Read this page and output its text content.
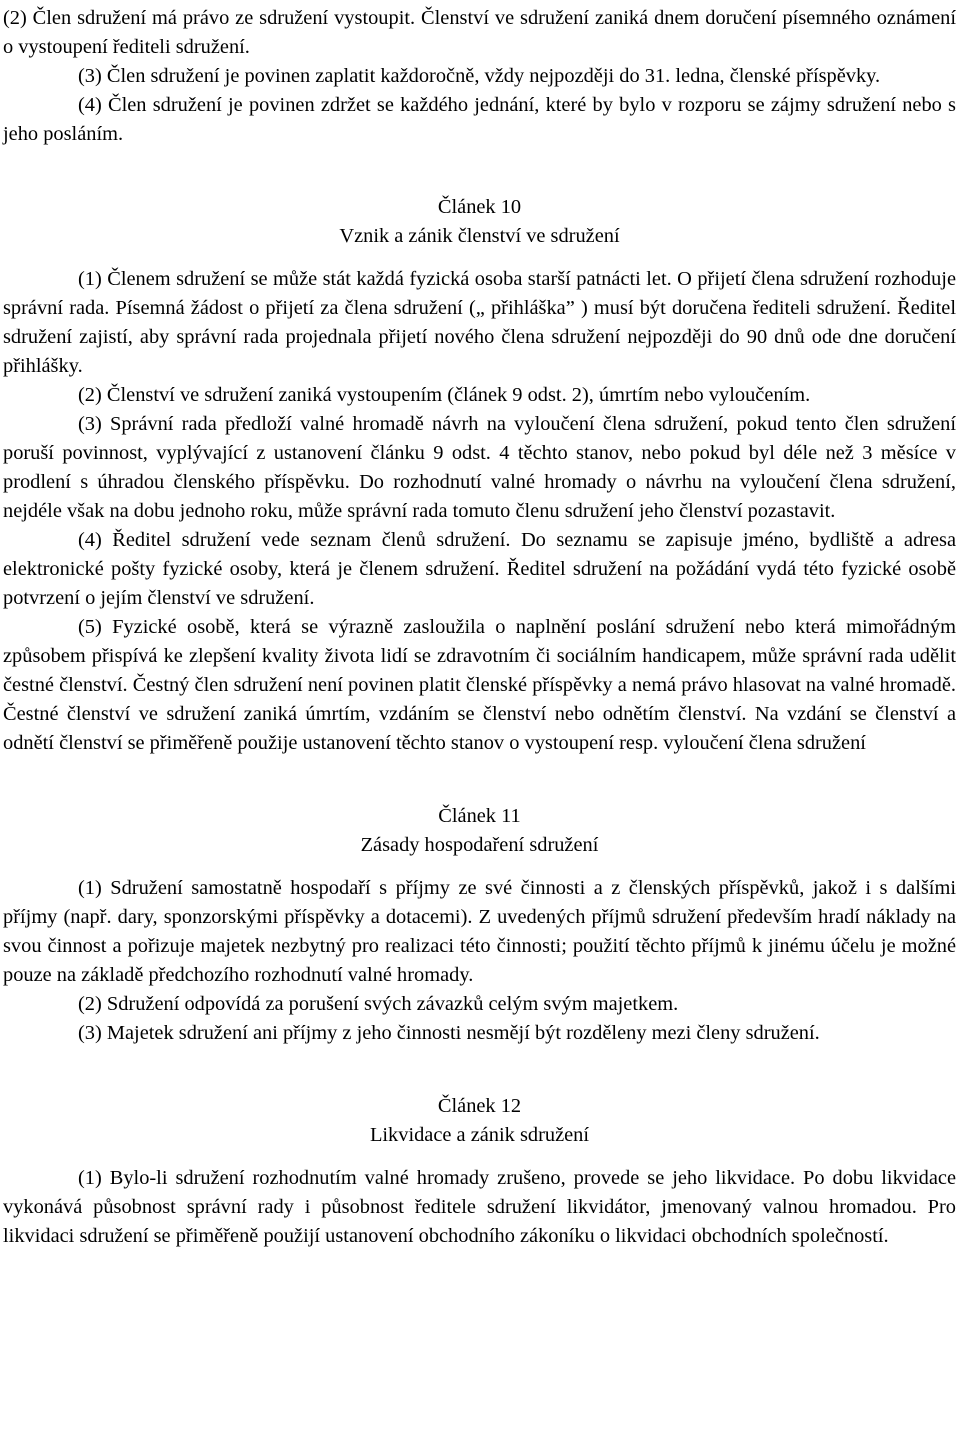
(2) Člen sdružení má právo ze sdružení vystoupit. Členství ve sdružení zaniká dnem doručení písemného oznámení o vystoupení řediteli sdružení.

(3) Člen sdružení je povinen zaplatit každoročně, vždy nejpozději do 31. ledna, členské příspěvky.

(4) Člen sdružení je povinen zdržet se každého jednání, které by bylo v rozporu se zájmy sdružení nebo s jeho posláním.

Článek 10

Vznik a zánik členství ve sdružení

(1) Členem sdružení se může stát každá fyzická osoba starší patnácti let. O přijetí člena sdružení rozhoduje správní rada. Písemná žádost o přijetí za člena sdružení („ přihláška” ) musí být doručena řediteli sdružení. Ředitel sdružení zajistí, aby správní rada projednala přijetí nového člena sdružení nejpozději do 90 dnů ode dne doručení přihlášky.

(2) Členství ve sdružení zaniká vystoupením (článek 9 odst. 2), úmrtím nebo vyloučením.

(3) Správní rada předloží valné hromadě návrh na vyloučení člena sdružení, pokud tento člen sdružení poruší povinnost, vyplývající z ustanovení článku 9 odst. 4 těchto stanov, nebo pokud byl déle než 3 měsíce v prodlení s úhradou členského příspěvku. Do rozhodnutí valné hromady o návrhu na vyloučení člena sdružení, nejdéle však na dobu jednoho roku, může správní rada tomuto členu sdružení jeho členství pozastavit.

(4) Ředitel sdružení vede seznam členů sdružení. Do seznamu se zapisuje jméno, bydliště a adresa elektronické pošty fyzické osoby, která je členem sdružení. Ředitel sdružení na požádání vydá této fyzické osobě potvrzení o jejím členství ve sdružení.

(5) Fyzické osobě, která se výrazně zasloužila o naplnění poslání sdružení nebo která mimořádným způsobem přispívá ke zlepšení kvality života lidí se zdravotním či sociálním handicapem, může správní rada udělit čestné členství. Čestný člen sdružení není povinen platit členské příspěvky a nemá právo hlasovat na valné hromadě. Čestné členství ve sdružení zaniká úmrtím, vzdáním se členství nebo odnětím členství. Na vzdání se členství a odnětí členství se přiměřeně použije ustanovení těchto stanov o vystoupení resp. vyloučení člena sdružení

Článek 11

Zásady hospodaření sdružení

(1) Sdružení samostatně hospodaří s příjmy ze své činnosti a z členských příspěvků, jakož i s dalšími příjmy (např. dary, sponzorskými příspěvky a dotacemi). Z uvedených příjmů sdružení především hradí náklady na svou činnost a pořizuje majetek nezbytný pro realizaci této činnosti; použití těchto příjmů k jinému účelu je možné pouze na základě předchozího rozhodnutí valné hromady.

(2) Sdružení odpovídá za porušení svých závazků celým svým majetkem.

(3) Majetek sdružení ani příjmy z jeho činnosti nesmějí být rozděleny mezi členy sdružení.

Článek 12

Likvidace a zánik sdružení

(1) Bylo-li sdružení rozhodnutím valné hromady zrušeno, provede se jeho likvidace. Po dobu likvidace vykonává působnost správní rady i působnost ředitele sdružení likvidátor, jmenovaný valnou hromadou. Pro likvidaci sdružení se přiměřeně použijí ustanovení obchodního zákoníku o likvidaci obchodních společností.
